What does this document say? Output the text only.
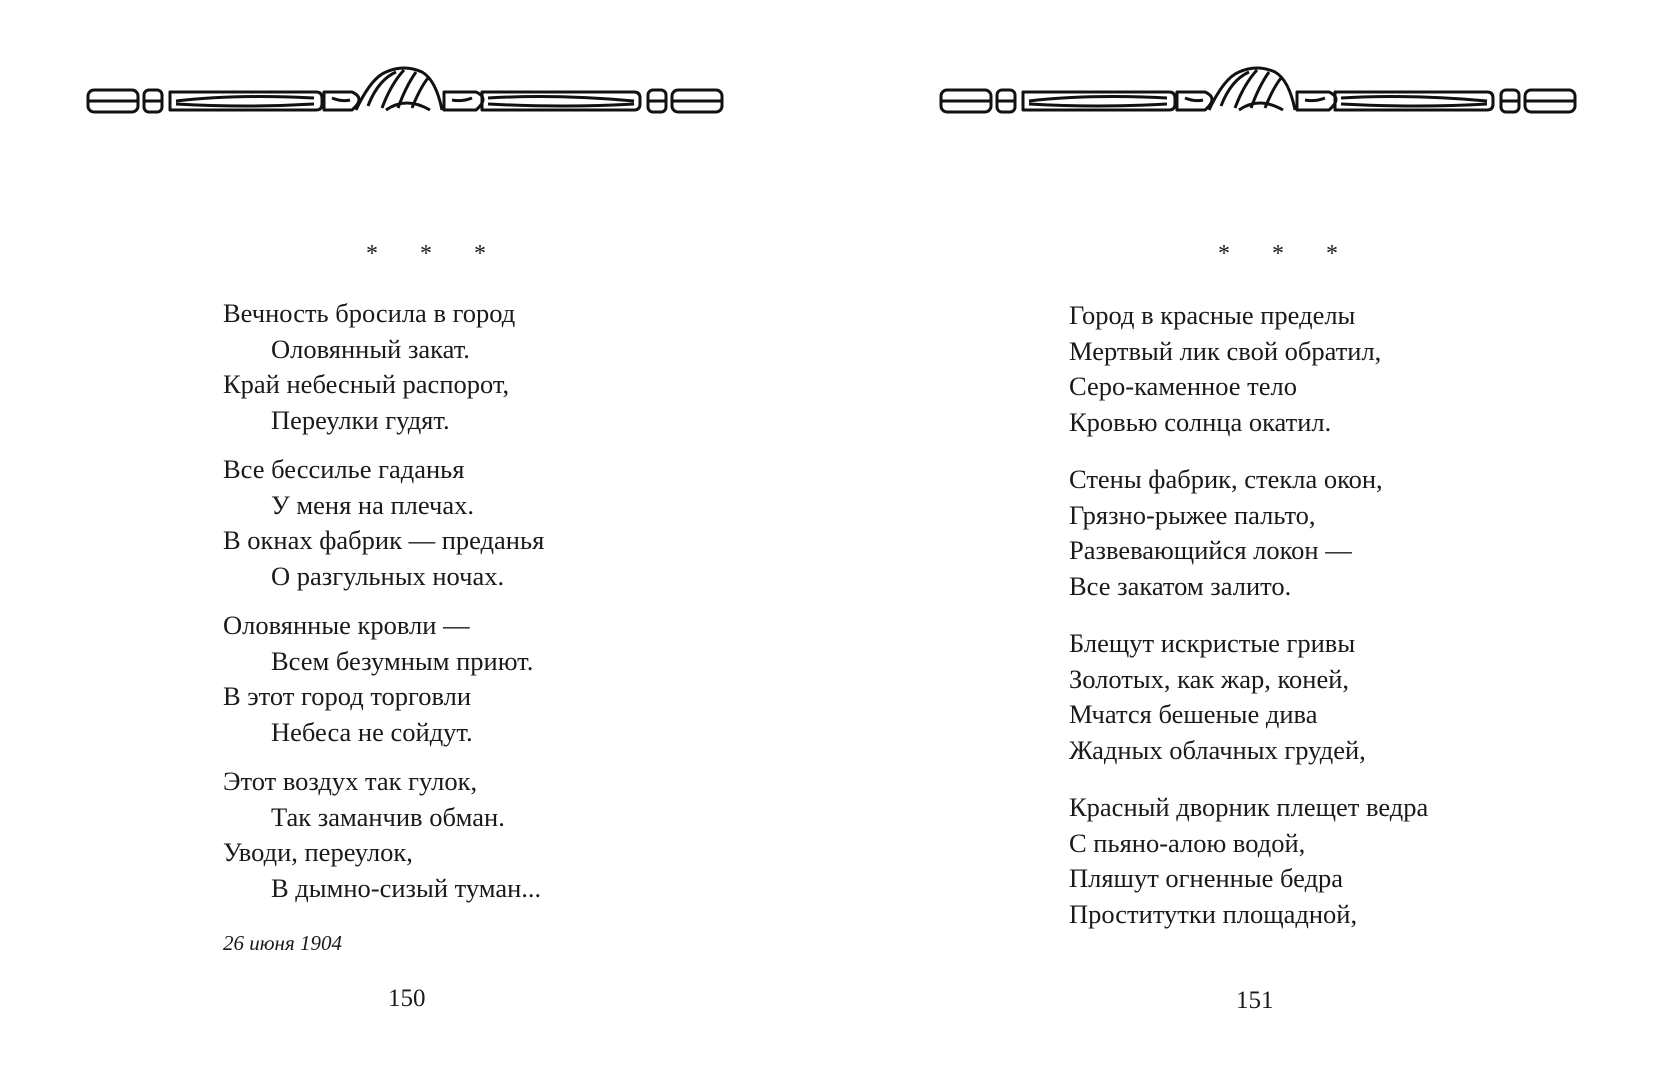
* * *
Вечность бросила в город
Оловянный закат.
Край небесный распорот,
Переулки гудят.
Все бессилье гаданья
У меня на плечах.
В окнах фабрик — преданья
О разгульных ночах.
Оловянные кровли —
Всем безумным приют.
В этот город торговли
Небеса не сойдут.
Этот воздух так гулок,
Так заманчив обман.
Уводи, переулок,
В дымно-сизый туман...
26 июня 1904
150
* * *
Город в красные пределы
Мертвый лик свой обратил,
Серо-каменное тело
Кровью солнца окатил.
Стены фабрик, стекла окон,
Грязно-рыжее пальто,
Развевающийся локон —
Все закатом залито.
Блещут искристые гривы
Золотых, как жар, коней,
Мчатся бешеные дива
Жадных облачных грудей,
Красный дворник плещет ведра
С пьяно-алою водой,
Пляшут огненные бедра
Проститутки площадной,
151
